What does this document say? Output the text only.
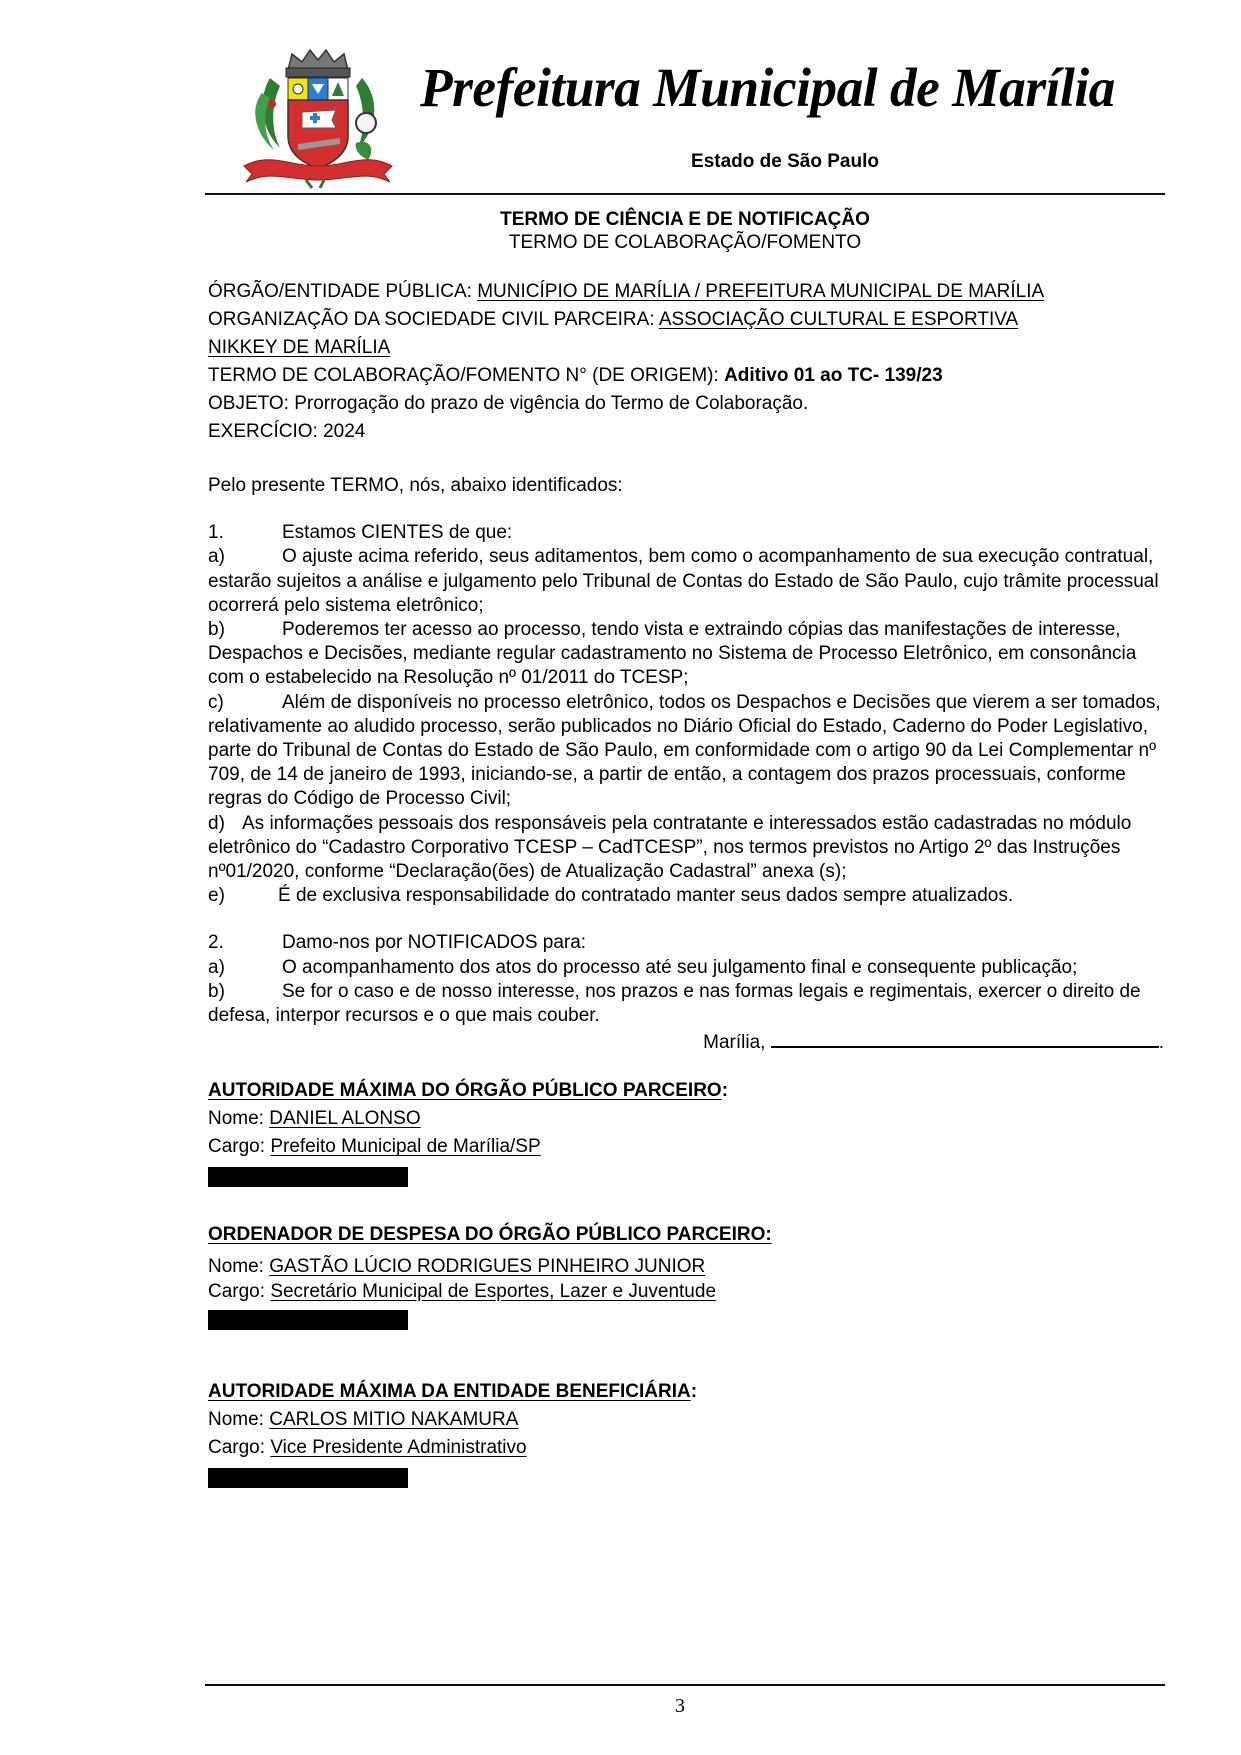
Prefeitura Municipal de Marília
Estado de São Paulo
TERMO DE CIÊNCIA E DE NOTIFICAÇÃO
TERMO DE COLABORAÇÃO/FOMENTO

ÓRGÃO/ENTIDADE PÚBLICA: MUNICÍPIO DE MARÍLIA / PREFEITURA MUNICIPAL DE MARÍLIA

ORGANIZAÇÃO DA SOCIEDADE CIVIL PARCEIRA: ASSOCIAÇÃO CULTURAL E ESPORTIVA

NIKKEY DE MARÍLIA

TERMO DE COLABORAÇÃO/FOMENTO N° (DE ORIGEM): Aditivo 01 ao TC- 139/23

OBJETO: Prorrogação do prazo de vigência do Termo de Colaboração.

EXERCÍCIO: 2024

Pelo presente TERMO, nós, abaixo identificados:

1.	Estamos CIENTES de que:

a)	O ajuste acima referido, seus aditamentos, bem como o acompanhamento de sua execução contratual, estarão sujeitos a análise e julgamento pelo Tribunal de Contas do Estado de São Paulo, cujo trâmite processual ocorrerá pelo sistema eletrônico;

b)	Poderemos ter acesso ao processo, tendo vista e extraindo cópias das manifestações de interesse, Despachos e Decisões, mediante regular cadastramento no Sistema de Processo Eletrônico, em consonância com o estabelecido na Resolução nº 01/2011 do TCESP;

c)	Além de disponíveis no processo eletrônico, todos os Despachos e Decisões que vierem a ser tomados, relativamente ao aludido processo, serão publicados no Diário Oficial do Estado, Caderno do Poder Legislativo, parte do Tribunal de Contas do Estado de São Paulo, em conformidade com o artigo 90 da Lei Complementar nº 709, de 14 de janeiro de 1993, iniciando-se, a partir de então, a contagem dos prazos processuais, conforme regras do Código de Processo Civil;

d) As informações pessoais dos responsáveis pela contratante e interessados estão cadastradas no módulo eletrônico do “Cadastro Corporativo TCESP – CadTCESP”, nos termos previstos no Artigo 2º das Instruções nº01/2020, conforme “Declaração(ões) de Atualização Cadastral” anexa (s);

e)	É de exclusiva responsabilidade do contratado manter seus dados sempre atualizados.

2.	Damo-nos por NOTIFICADOS para:

a)	O acompanhamento dos atos do processo até seu julgamento final e consequente publicação;

b)	Se for o caso e de nosso interesse, nos prazos e nas formas legais e regimentais, exercer o direito de defesa, interpor recursos e o que mais couber.

Marília,	.

AUTORIDADE MÁXIMA DO ÓRGÃO PÚBLICO PARCEIRO:

Nome: DANIEL ALONSO

Cargo: Prefeito Municipal de Marília/SP

ORDENADOR DE DESPESA DO ÓRGÃO PÚBLICO PARCEIRO:

Nome: GASTÃO LÚCIO RODRIGUES PINHEIRO JUNIOR

Cargo: Secretário Municipal de Esportes, Lazer e Juventude

AUTORIDADE MÁXIMA DA ENTIDADE BENEFICIÁRIA:

Nome: CARLOS MITIO NAKAMURA

Cargo: Vice Presidente Administrativo

3
